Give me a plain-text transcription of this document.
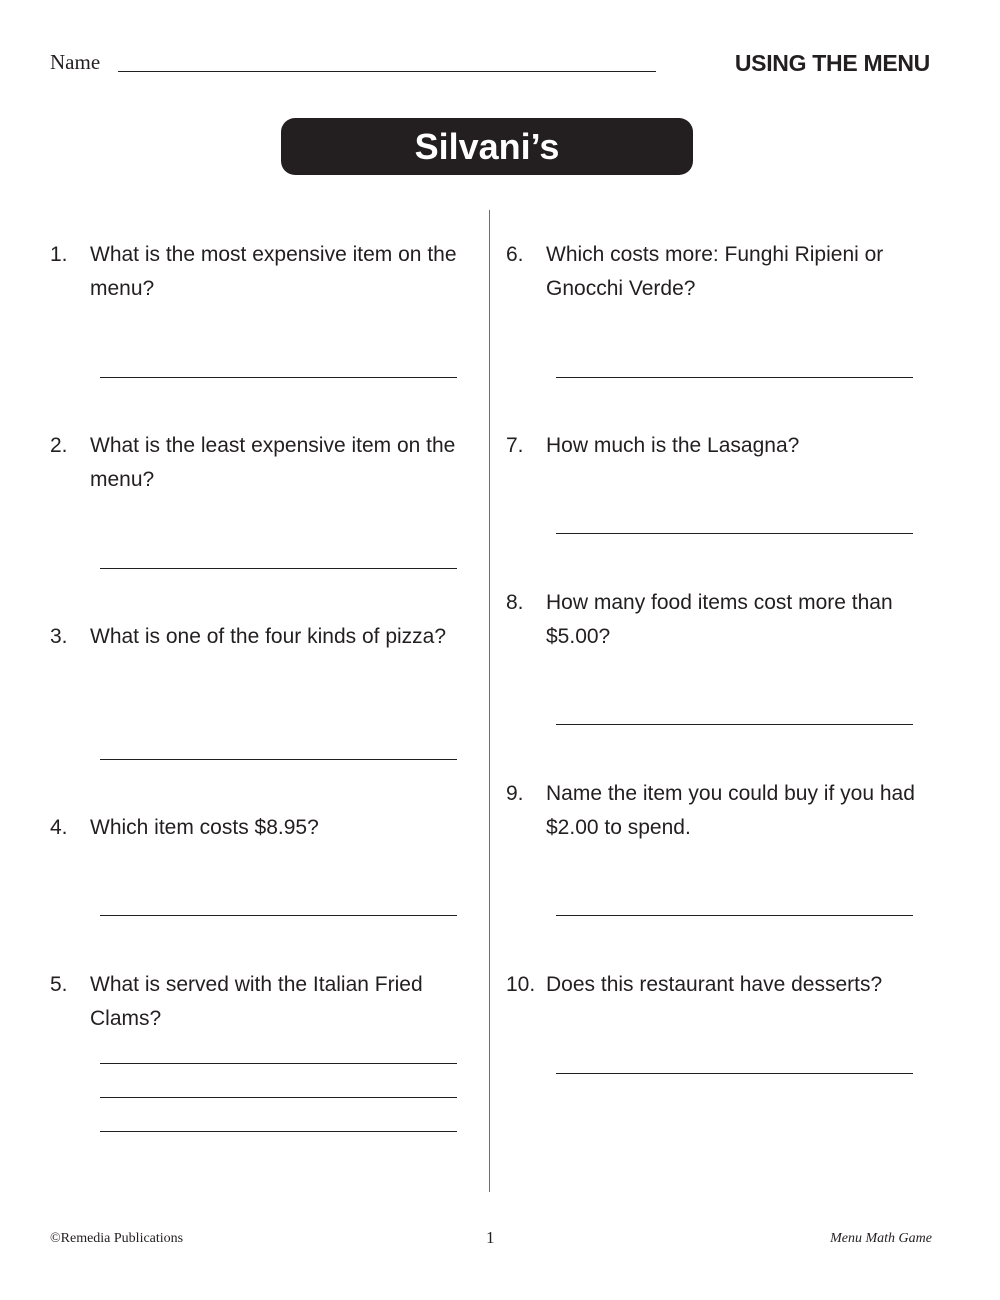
Name	USING THE MENU
Silvani’s
1. What is the most expensive item on the menu?
2. What is the least expensive item on the menu?
3. What is one of the four kinds of pizza?
4. Which item costs $8.95?
5. What is served with the Italian Fried Clams?
6. Which costs more: Funghi Ripieni or Gnocchi Verde?
7. How much is the Lasagna?
8. How many food items cost more than $5.00?
9. Name the item you could buy if you had $2.00 to spend.
10. Does this restaurant have desserts?
©Remedia Publications	1	Menu Math Game
